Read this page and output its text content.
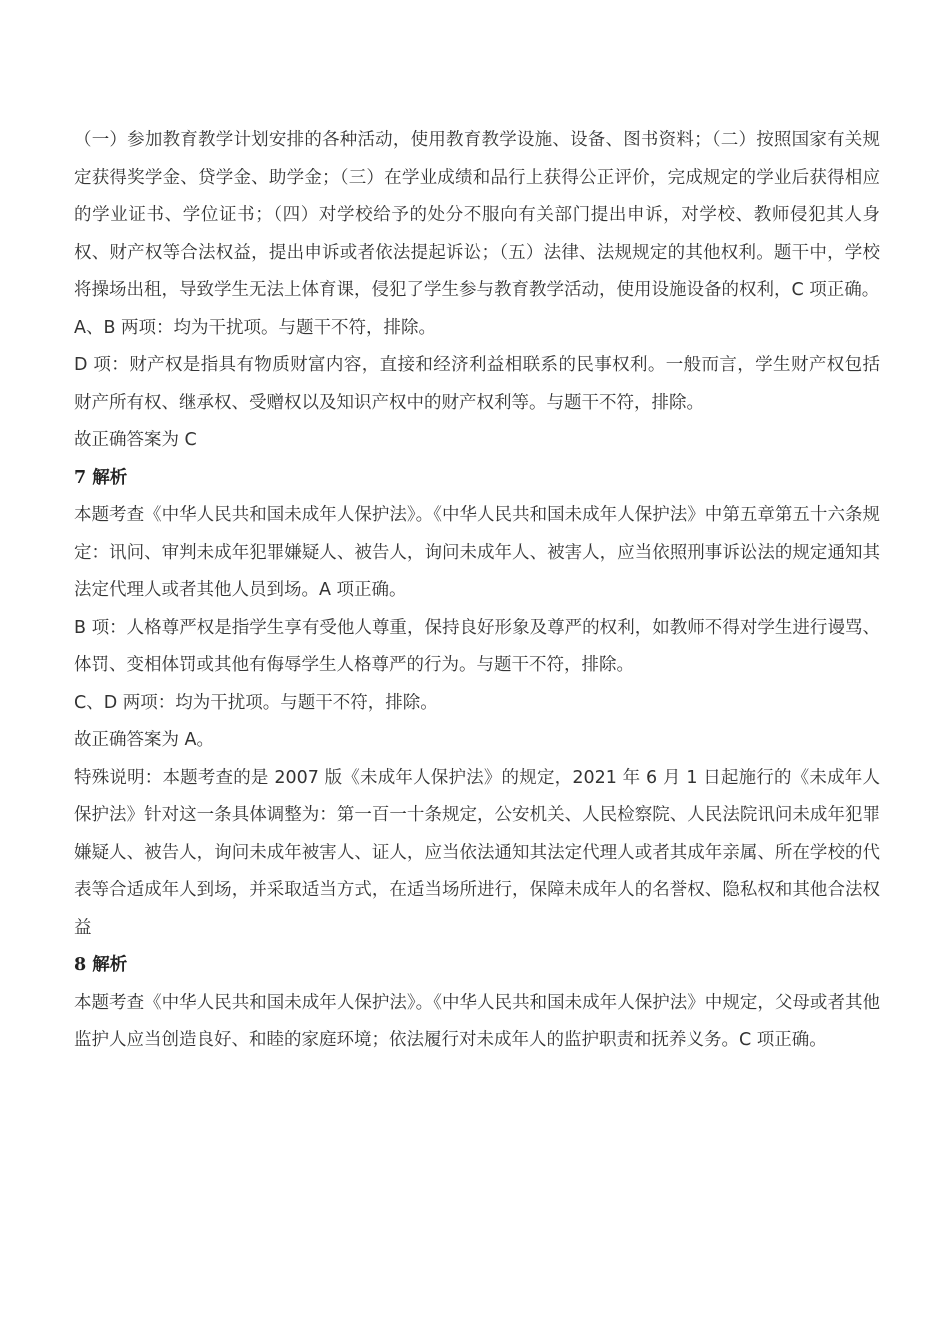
（一）参加教育教学计划安排的各种活动，使用教育教学设施、设备、图书资料；（二）按照国家有关规定获得奖学金、贷学金、助学金；（三）在学业成绩和品行上获得公正评价，完成规定的学业后获得相应的学业证书、学位证书；（四）对学校给予的处分不服向有关部门提出申诉，对学校、教师侵犯其人身权、财产权等合法权益，提出申诉或者依法提起诉讼；（五）法律、法规规定的其他权利。题干中，学校将操场出租，导致学生无法上体育课，侵犯了学生参与教育教学活动，使用设施设备的权利，C 项正确。

A、B 两项：均为干扰项。与题干不符，排除。

D 项：财产权是指具有物质财富内容，直接和经济利益相联系的民事权利。一般而言，学生财产权包括财产所有权、继承权、受赠权以及知识产权中的财产权利等。与题干不符，排除。

故正确答案为 C

7 解析

本题考查《中华人民共和国未成年人保护法》。《中华人民共和国未成年人保护法》中第五章第五十六条规定：讯问、审判未成年犯罪嫌疑人、被告人，询问未成年人、被害人，应当依照刑事诉讼法的规定通知其法定代理人或者其他人员到场。A 项正确。

B 项：人格尊严权是指学生享有受他人尊重，保持良好形象及尊严的权利，如教师不得对学生进行谩骂、体罚、变相体罚或其他有侮辱学生人格尊严的行为。与题干不符，排除。

C、D 两项：均为干扰项。与题干不符，排除。

故正确答案为 A。

特殊说明：本题考查的是 2007 版《未成年人保护法》的规定，2021 年 6 月 1 日起施行的《未成年人保护法》针对这一条具体调整为：第一百一十条规定，公安机关、人民检察院、人民法院讯问未成年犯罪嫌疑人、被告人，询问未成年被害人、证人，应当依法通知其法定代理人或者其成年亲属、所在学校的代表等合适成年人到场，并采取适当方式，在适当场所进行，保障未成年人的名誉权、隐私权和其他合法权益

8 解析

本题考查《中华人民共和国未成年人保护法》。《中华人民共和国未成年人保护法》中规定，父母或者其他监护人应当创造良好、和睦的家庭环境；依法履行对未成年人的监护职责和抚养义务。C 项正确。
